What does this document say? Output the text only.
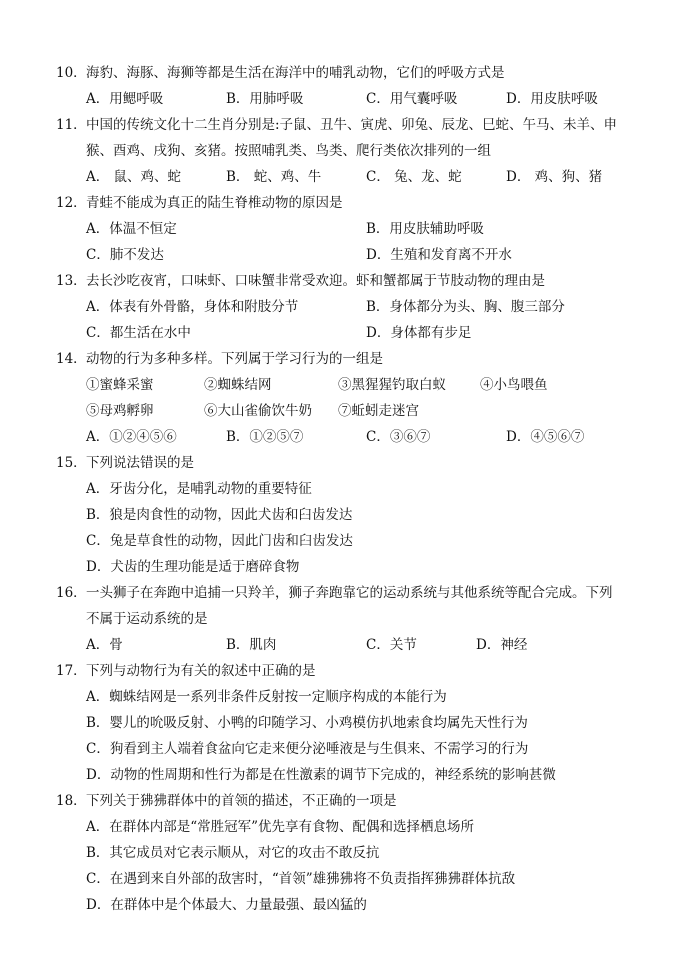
10．海豹、海豚、海狮等都是生活在海洋中的哺乳动物，它们的呼吸方式是
A．用鳃呼吸	B．用肺呼吸	C．用气囊呼吸	D．用皮肤呼吸
11．中国的传统文化十二生肖分别是:子鼠、丑牛、寅虎、卯兔、辰龙、巳蛇、午马、未羊、申
猴、酉鸡、戌狗、亥猪。按照哺乳类、鸟类、爬行类依次排列的一组
A． 鼠、鸡、蛇	B． 蛇、鸡、牛	C． 兔、龙、蛇	D． 鸡、狗、猪
12．青蛙不能成为真正的陆生脊椎动物的原因是
A．体温不恒定	B．用皮肤辅助呼吸
C．肺不发达	D．生殖和发育离不开水
13．去长沙吃夜宵，口味虾、口味蟹非常受欢迎。虾和蟹都属于节肢动物的理由是
A．体表有外骨骼，身体和附肢分节	B．身体都分为头、胸、腹三部分
C．都生活在水中	D．身体都有步足
14．动物的行为多种多样。下列属于学习行为的一组是
①蜜蜂采蜜	②蜘蛛结网	③黑猩猩钓取白蚁	④小鸟喂鱼
⑤母鸡孵卵	⑥大山雀偷饮牛奶 ⑦蚯蚓走迷宫
A．①②④⑤⑥	B．①②⑤⑦	C．③⑥⑦	D．④⑤⑥⑦
15．下列说法错误的是
A．牙齿分化，是哺乳动物的重要特征
B．狼是肉食性的动物，因此犬齿和臼齿发达
C．兔是草食性的动物，因此门齿和臼齿发达
D．犬齿的生理功能是适于磨碎食物
16．一头狮子在奔跑中追捕一只羚羊，狮子奔跑靠它的运动系统与其他系统等配合完成。下列
不属于运动系统的是
A．骨	B．肌肉	C．关节	D．神经
17．下列与动物行为有关的叙述中正确的是
A．蜘蛛结网是一系列非条件反射按一定顺序构成的本能行为
B．婴儿的吮吸反射、小鸭的印随学习、小鸡模仿扒地索食均属先天性行为
C．狗看到主人端着食盆向它走来便分泌唾液是与生俱来、不需学习的行为
D．动物的性周期和性行为都是在性激素的调节下完成的，神经系统的影响甚微
18．下列关于狒狒群体中的首领的描述，不正确的一项是
A．在群体内部是“常胜冠军”优先享有食物、配偶和选择栖息场所
B．其它成员对它表示顺从，对它的攻击不敢反抗
C．在遇到来自外部的敌害时，“首领”雄狒狒将不负责指挥狒狒群体抗敌
D．在群体中是个体最大、力量最强、最凶猛的
